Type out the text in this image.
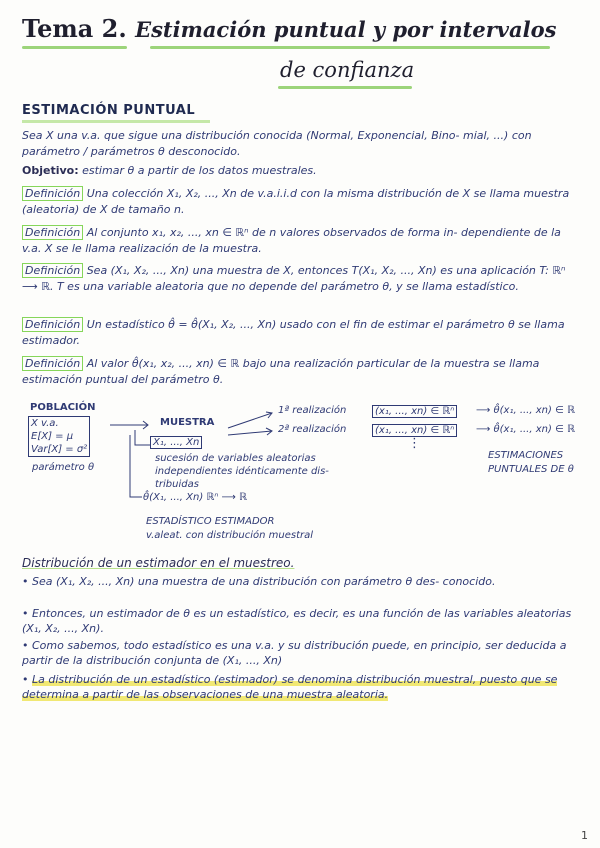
Tema 2. Estimación puntual y por intervalos
de confianza
ESTIMACIÓN PUNTUAL
Sea X una v.a. que sigue una distribución conocida (Normal, Exponencial, Bino- mial, ...) con parámetro / parámetros θ desconocido.
Objetivo: estimar θ a partir de los datos muestrales.
Definición Una colección X₁, X₂, ..., Xn de v.a.i.i.d con la misma distribución de X se llama muestra (aleatoria) de X de tamaño n.
Definición Al conjunto x₁, x₂, ..., xn ∈ ℝⁿ de n valores observados de forma in- dependiente de la v.a. X se le llama realización de la muestra.
Definición Sea (X₁, X₂, ..., Xn) una muestra de X, entonces T(X₁, X₂, ..., Xn) es una aplicación T: ℝⁿ ⟶ ℝ. T es una variable aleatoria que no depende del parámetro θ, y se llama estadístico.
Definición Un estadístico θ̂ = θ̂(X₁, X₂, ..., Xn) usado con el fin de estimar el parámetro θ se llama estimador.
Definición Al valor θ̂(x₁, x₂, ..., xn) ∈ ℝ bajo una realización particular de la muestra se llama estimación puntual del parámetro θ.
POBLACIÓN
X v.a.
E[X] = μ
Var[X] = σ²
parámetro θ
MUESTRA
X₁, ..., Xn
1ª realización	(x₁, ..., xn) ∈ ℝⁿ	⟶ θ̂(x₁, ..., xn) ∈ ℝ
2ª realización	(x₁, ..., xn) ∈ ℝⁿ	⟶ θ̂(x₁, ..., xn) ∈ ℝ
⋮
ESTIMACIONES
PUNTUALES DE θ
sucesión de variables aleatorias
independientes idénticamente dis-
tribuidas
θ̂(X₁, ..., Xn) ℝⁿ ⟶ ℝ
ESTADÍSTICO ESTIMADOR
v.aleat. con distribución muestral
Distribución de un estimador en el muestreo.
• Sea (X₁, X₂, ..., Xn) una muestra de una distribución con parámetro θ des- conocido.
• Entonces, un estimador de θ es un estadístico, es decir, es una función de las variables aleatorias (X₁, X₂, ..., Xn).
• Como sabemos, todo estadístico es una v.a. y su distribución puede, en principio, ser deducida a partir de la distribución conjunta de (X₁, ..., Xn)
• La distribución de un estadístico (estimador) se denomina distribución muestral, puesto que se determina a partir de las observaciones de una muestra aleatoria.
1
